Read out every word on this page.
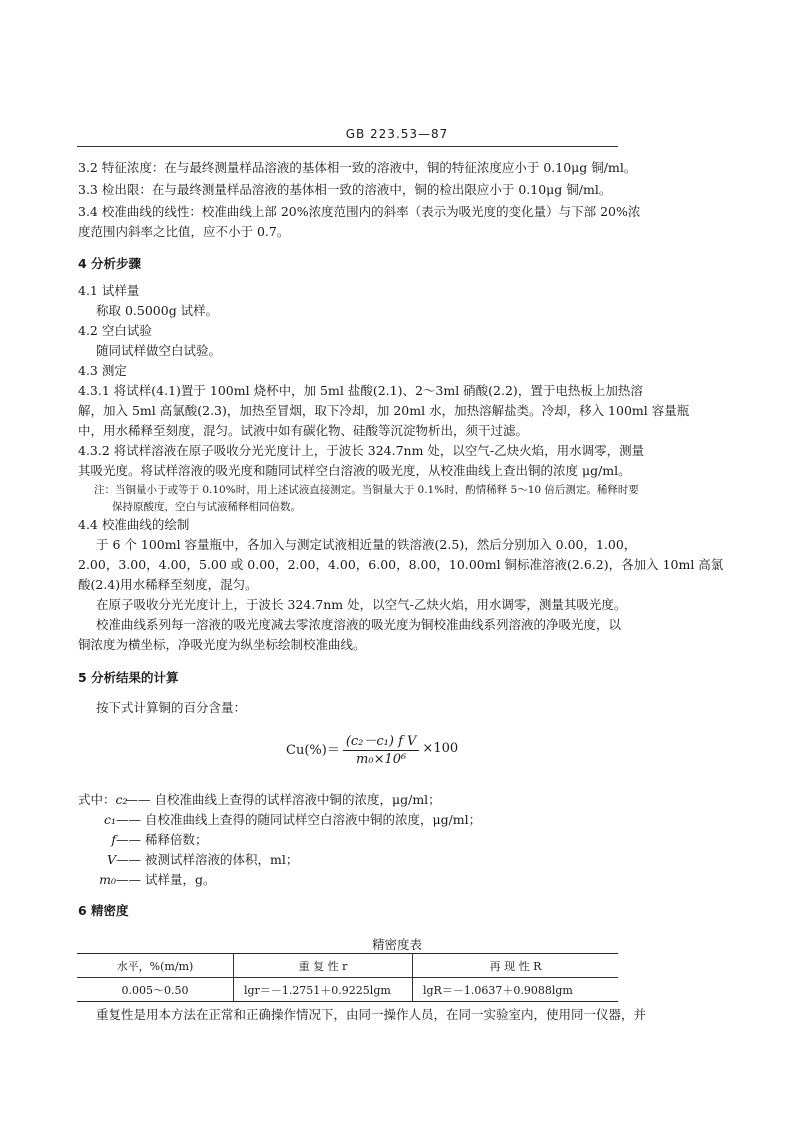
GB 223.53—87
3.2 特征浓度：在与最终测量样品溶液的基体相一致的溶液中，铜的特征浓度应小于 0.10μg 铜/ml。
3.3 检出限：在与最终测量样品溶液的基体相一致的溶液中，铜的检出限应小于 0.10μg 铜/ml。
3.4 校准曲线的线性：校准曲线上部 20%浓度范围内的斜率（表示为吸光度的变化量）与下部 20%浓
度范围内斜率之比值，应不小于 0.7。
4 分析步骤
4.1 试样量
称取 0.5000g 试样。
4.2 空白试验
随同试样做空白试验。
4.3 测定
4.3.1 将试样(4.1)置于 100ml 烧杯中，加 5ml 盐酸(2.1)、2～3ml 硝酸(2.2)，置于电热板上加热溶
解，加入 5ml 高氯酸(2.3)，加热至冒烟，取下冷却，加 20ml 水，加热溶解盐类。冷却，移入 100ml 容量瓶
中，用水稀释至刻度，混匀。试液中如有碳化物、硅酸等沉淀物析出，须干过滤。
4.3.2 将试样溶液在原子吸收分光光度计上，于波长 324.7nm 处，以空气-乙炔火焰，用水调零，测量
其吸光度。将试样溶液的吸光度和随同试样空白溶液的吸光度，从校准曲线上查出铜的浓度 μg/ml。
注：当铜量小于或等于 0.10%时，用上述试液直接测定。当铜量大于 0.1%时，酌情稀释 5～10 倍后测定。稀释时要
保持原酸度，空白与试液稀释相同倍数。
4.4 校准曲线的绘制
于 6 个 100ml 容量瓶中，各加入与测定试液相近量的铁溶液(2.5)，然后分别加入 0.00，1.00，
2.00，3.00，4.00，5.00 或 0.00，2.00，4.00，6.00，8.00，10.00ml 铜标准溶液(2.6.2)，各加入 10ml 高氯
酸(2.4)用水稀释至刻度，混匀。
在原子吸收分光光度计上，于波长 324.7nm 处，以空气-乙炔火焰，用水调零，测量其吸光度。
校准曲线系列每一溶液的吸光度减去零浓度溶液的吸光度为铜校准曲线系列溶液的净吸光度，以
铜浓度为横坐标，净吸光度为纵坐标绘制校准曲线。
5 分析结果的计算
按下式计算铜的百分含量：
$Cu(\%)= \frac{\text{(c₂－c₁) f V}}{\text{m₀×10⁶}} \times 100$
式中：c₂—— 自校准曲线上查得的试样溶液中铜的浓度，μg/ml；
c₁—— 自校准曲线上查得的随同试样空白溶液中铜的浓度，μg/ml；
f—— 稀释倍数；
V—— 被测试样溶液的体积，ml；
m₀—— 试样量，g。
6 精密度
精密度表
水平，%(m/m)	重 复 性 r	再 现 性 R
0.005～0.50	lgr＝－1.2751＋0.9225lgm	lgR＝－1.0637＋0.9088lgm
重复性是用本方法在正常和正确操作情况下，由同一操作人员，在同一实验室内，使用同一仪器，并
